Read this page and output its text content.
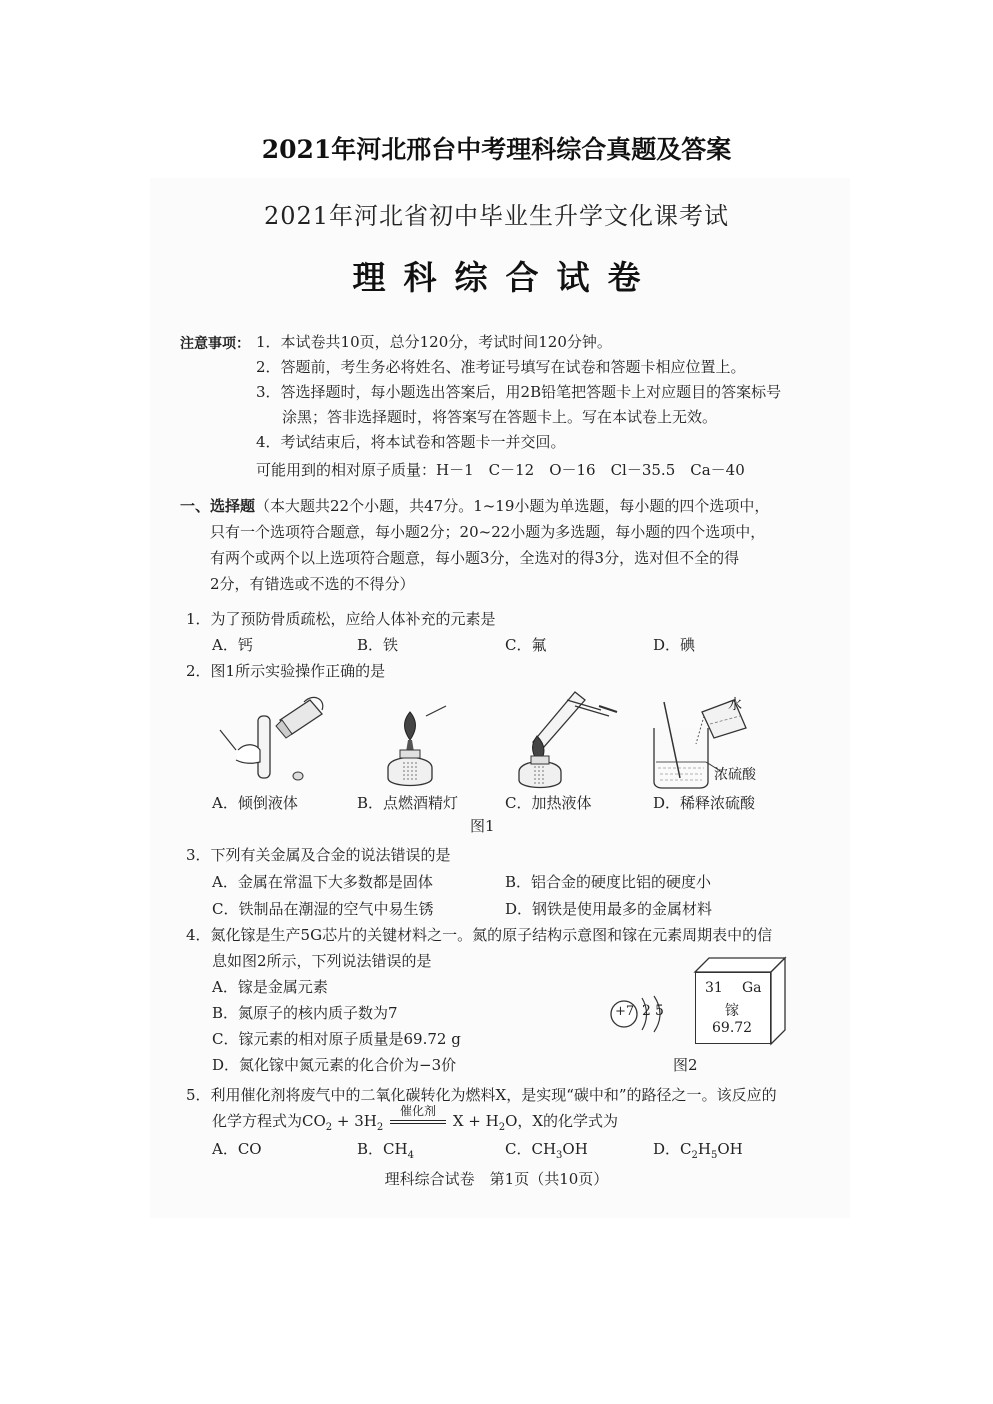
2021年河北邢台中考理科综合真题及答案
2021年河北省初中毕业生升学文化课考试
理科综合试卷
注意事项： 1．本试卷共10页，总分120分，考试时间120分钟。
2．答题前，考生务必将姓名、准考证号填写在试卷和答题卡相应位置上。
3．答选择题时，每小题选出答案后，用2B铅笔把答题卡上对应题目的答案标号
涂黑；答非选择题时，将答案写在答题卡上。写在本试卷上无效。
4．考试结束后，将本试卷和答题卡一并交回。
可能用到的相对原子质量：H－1　C－12　O－16　Cl－35.5　Ca－40
一、选择题（本大题共22个小题，共47分。1~19小题为单选题，每小题的四个选项中，
只有一个选项符合题意，每小题2分；20~22小题为多选题，每小题的四个选项中，
有两个或两个以上选项符合题意，每小题3分，全选对的得3分，选对但不全的得
2分，有错选或不选的不得分）
1．为了预防骨质疏松，应给人体补充的元素是
A．钙	B．铁	C．氟	D．碘
2．图1所示实验操作正确的是
水
浓硫酸
A．倾倒液体	B．点燃酒精灯	C．加热液体	D．稀释浓硫酸
图1
3．下列有关金属及合金的说法错误的是
A．金属在常温下大多数都是固体	B．铝合金的硬度比铝的硬度小
C．铁制品在潮湿的空气中易生锈	D．钢铁是使用最多的金属材料
4．氮化镓是生产5G芯片的关键材料之一。氮的原子结构示意图和镓在元素周期表中的信
息如图2所示，下列说法错误的是
A．镓是金属元素
B．氮原子的核内质子数为7
C．镓元素的相对原子质量是69.72 g
D．氮化镓中氮元素的化合价为−3价
+7 2 5
31 Ga
镓
69.72
图2
5．利用催化剂将废气中的二氧化碳转化为燃料X，是实现“碳中和”的路径之一。该反应的
化学方程式为$CO_2 + 3H_2$
催化剂
$X + H_2O$，X的化学式为
A．CO	B．$CH_4$	C．$CH_3OH$	D．$C_2H_5OH$
理科综合试卷　第1页（共10页）
